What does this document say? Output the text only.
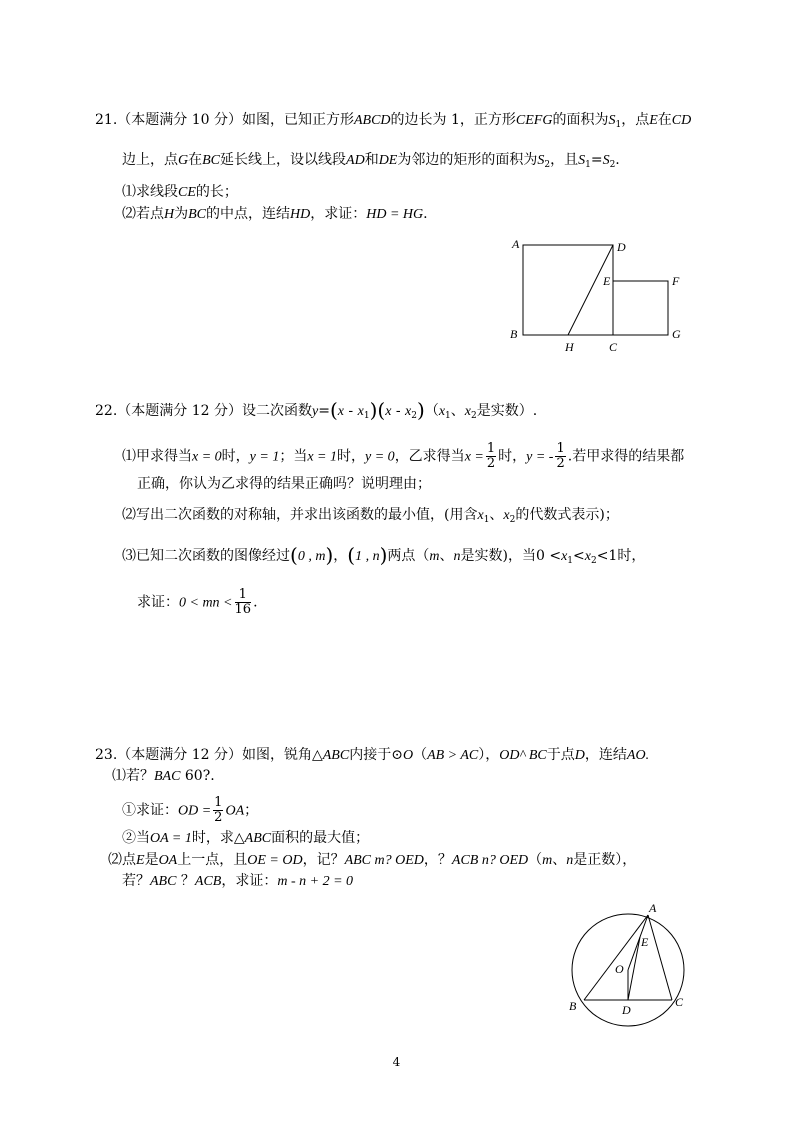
21.（本题满分 10 分）如图，已知正方形ABCD的边长为 1，正方形CEFG的面积为$S_1$，点E在CD
边上，点G在BC延长线上，设以线段AD和DE为邻边的矩形的面积为$S_2$，且$S_1=S_2$.
⑴求线段CE的长；
⑵若点H为BC的中点，连结HD，求证：HD = HG.
A	D
E	F
B	G
H	C
22.（本题满分 12 分）设二次函数$y=(x - x_1)(x - x_2)(x_1$、$x_2$是实数）.
⑴甲求得当x = 0时，y = 1；当x = 1时，y = 0，乙求得当$x = \frac{1}{2}$ 时，y = - $\frac{1}{2}$ .若甲求得的结果都
正确，你认为乙求得的结果正确吗？说明理由；
⑵写出二次函数的对称轴，并求出该函数的最小值，(用含$x_1$、$x_2$的代数式表示)；
⑶已知二次函数的图像经过(0 , m)，(1 , n)两点（m、n是实数)，当$0 <x_1<x_2<1$时，
求证：0 < mn < $\frac{1}{16}$ .
23.（本题满分 12 分）如图，锐角△ABC内接于⊙O（AB > AC），OD^ BC于点D，连结AO.
⑴若？BAC 60?.
①求证：OD = $\frac{1}{2}$ OA；
②当OA = 1时，求△ABC面积的最大值；
⑵点E是OA上一点，且OE = OD，记？ABC m? OED，？ACB n? OED（m、n是正数），
若？ABC ？ACB，求证：m - n + 2 = 0
A
E
O
B	C
D
4
